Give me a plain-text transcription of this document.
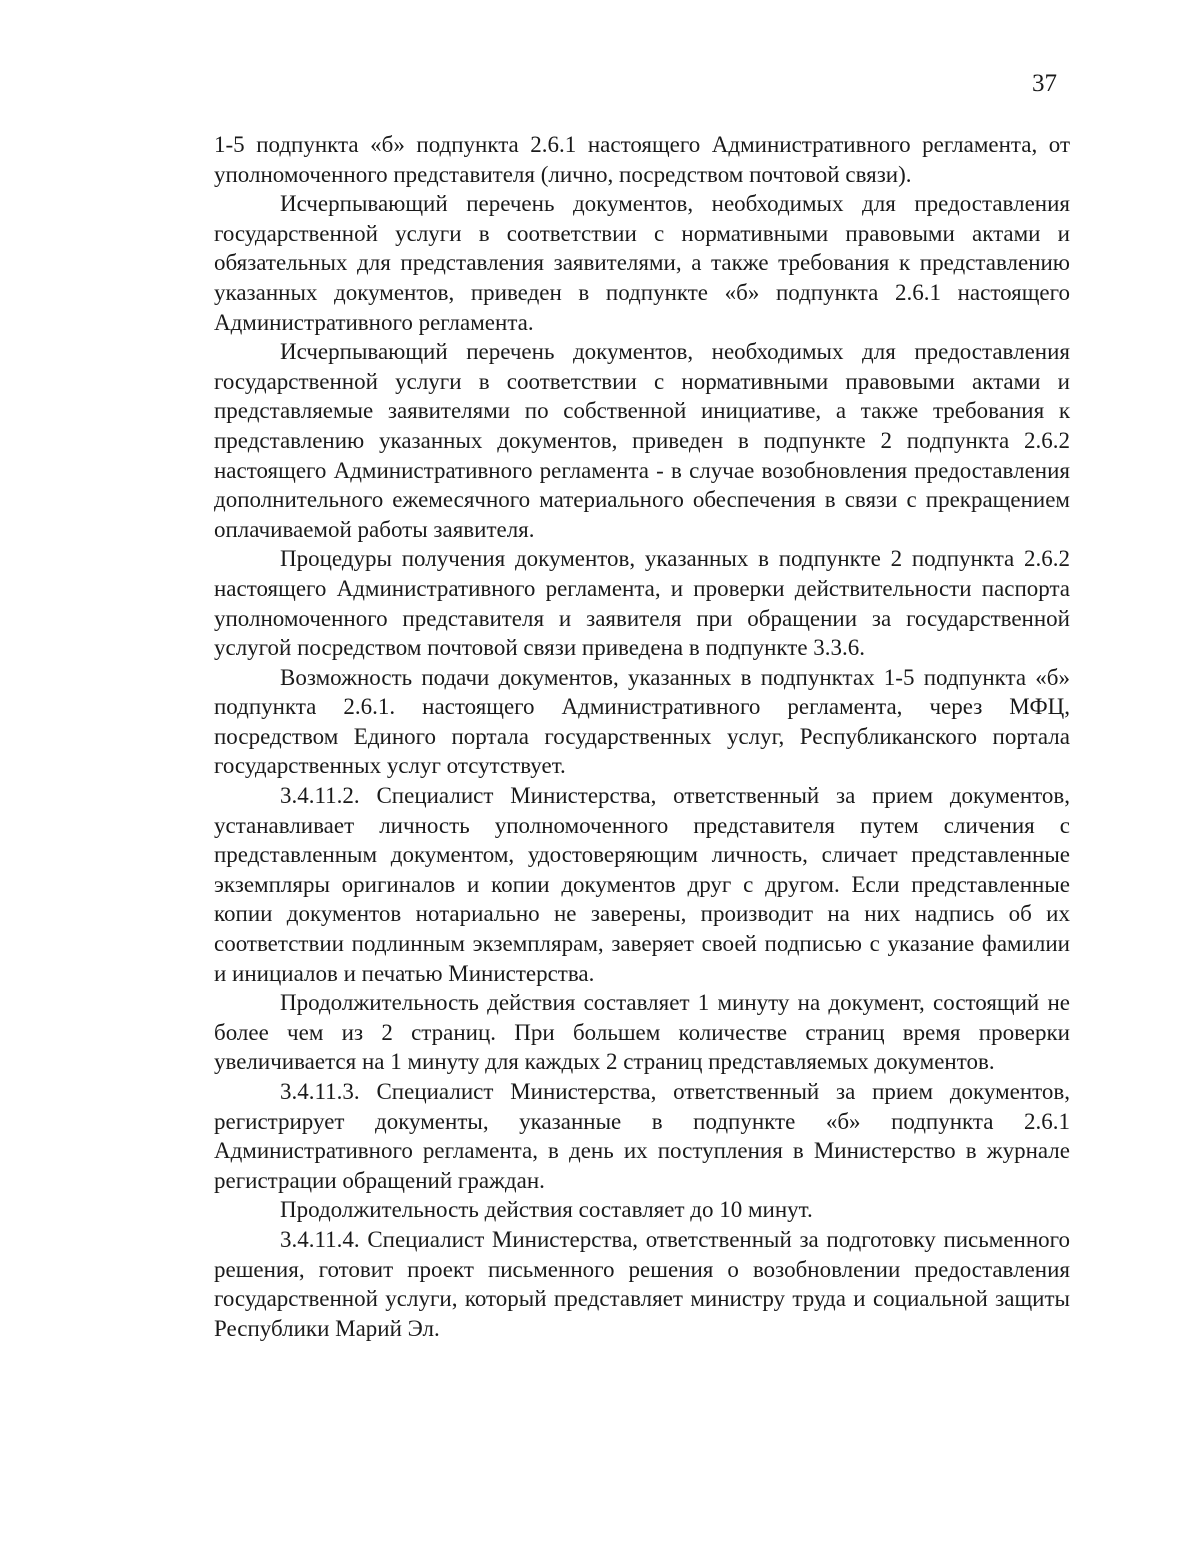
37

1-5 подпункта «б» подпункта 2.6.1 настоящего Административного регламента, от уполномоченного представителя (лично, посредством почтовой связи).

Исчерпывающий перечень документов, необходимых для предоставления государственной услуги в соответствии с нормативными правовыми актами и обязательных для представления заявителями, а также требования к представлению указанных документов, приведен в подпункте «б» подпункта 2.6.1 настоящего Административного регламента.

Исчерпывающий перечень документов, необходимых для предоставления государственной услуги в соответствии с нормативными правовыми актами и представляемые заявителями по собственной инициативе, а также требования к представлению указанных документов, приведен в подпункте 2 подпункта 2.6.2 настоящего Административного регламента - в случае возобновления предоставления дополнительного ежемесячного материального обеспечения в связи с прекращением оплачиваемой работы заявителя.

Процедуры получения документов, указанных в подпункте 2 подпункта 2.6.2 настоящего Административного регламента, и проверки действительности паспорта уполномоченного представителя и заявителя при обращении за государственной услугой посредством почтовой связи приведена в подпункте 3.3.6.

Возможность подачи документов, указанных в подпунктах 1-5 подпункта «б» подпункта 2.6.1. настоящего Административного регламента, через МФЦ, посредством Единого портала государственных услуг, Республиканского портала государственных услуг отсутствует.

3.4.11.2. Специалист Министерства, ответственный за прием документов, устанавливает личность уполномоченного представителя путем сличения с представленным документом, удостоверяющим личность, сличает представленные экземпляры оригиналов и копии документов друг с другом. Если представленные копии документов нотариально не заверены, производит на них надпись об их соответствии подлинным экземплярам, заверяет своей подписью с указание фамилии и инициалов и печатью Министерства.

Продолжительность действия составляет 1 минуту на документ, состоящий не более чем из 2 страниц. При большем количестве страниц время проверки увеличивается на 1 минуту для каждых 2 страниц представляемых документов.

3.4.11.3. Специалист Министерства, ответственный за прием документов, регистрирует документы, указанные в подпункте «б» подпункта 2.6.1 Административного регламента, в день их поступления в Министерство в журнале регистрации обращений граждан.

Продолжительность действия составляет до 10 минут.

3.4.11.4. Специалист Министерства, ответственный за подготовку письменного решения, готовит проект письменного решения о возобновлении предоставления государственной услуги, который представляет министру труда и социальной защиты Республики Марий Эл.
